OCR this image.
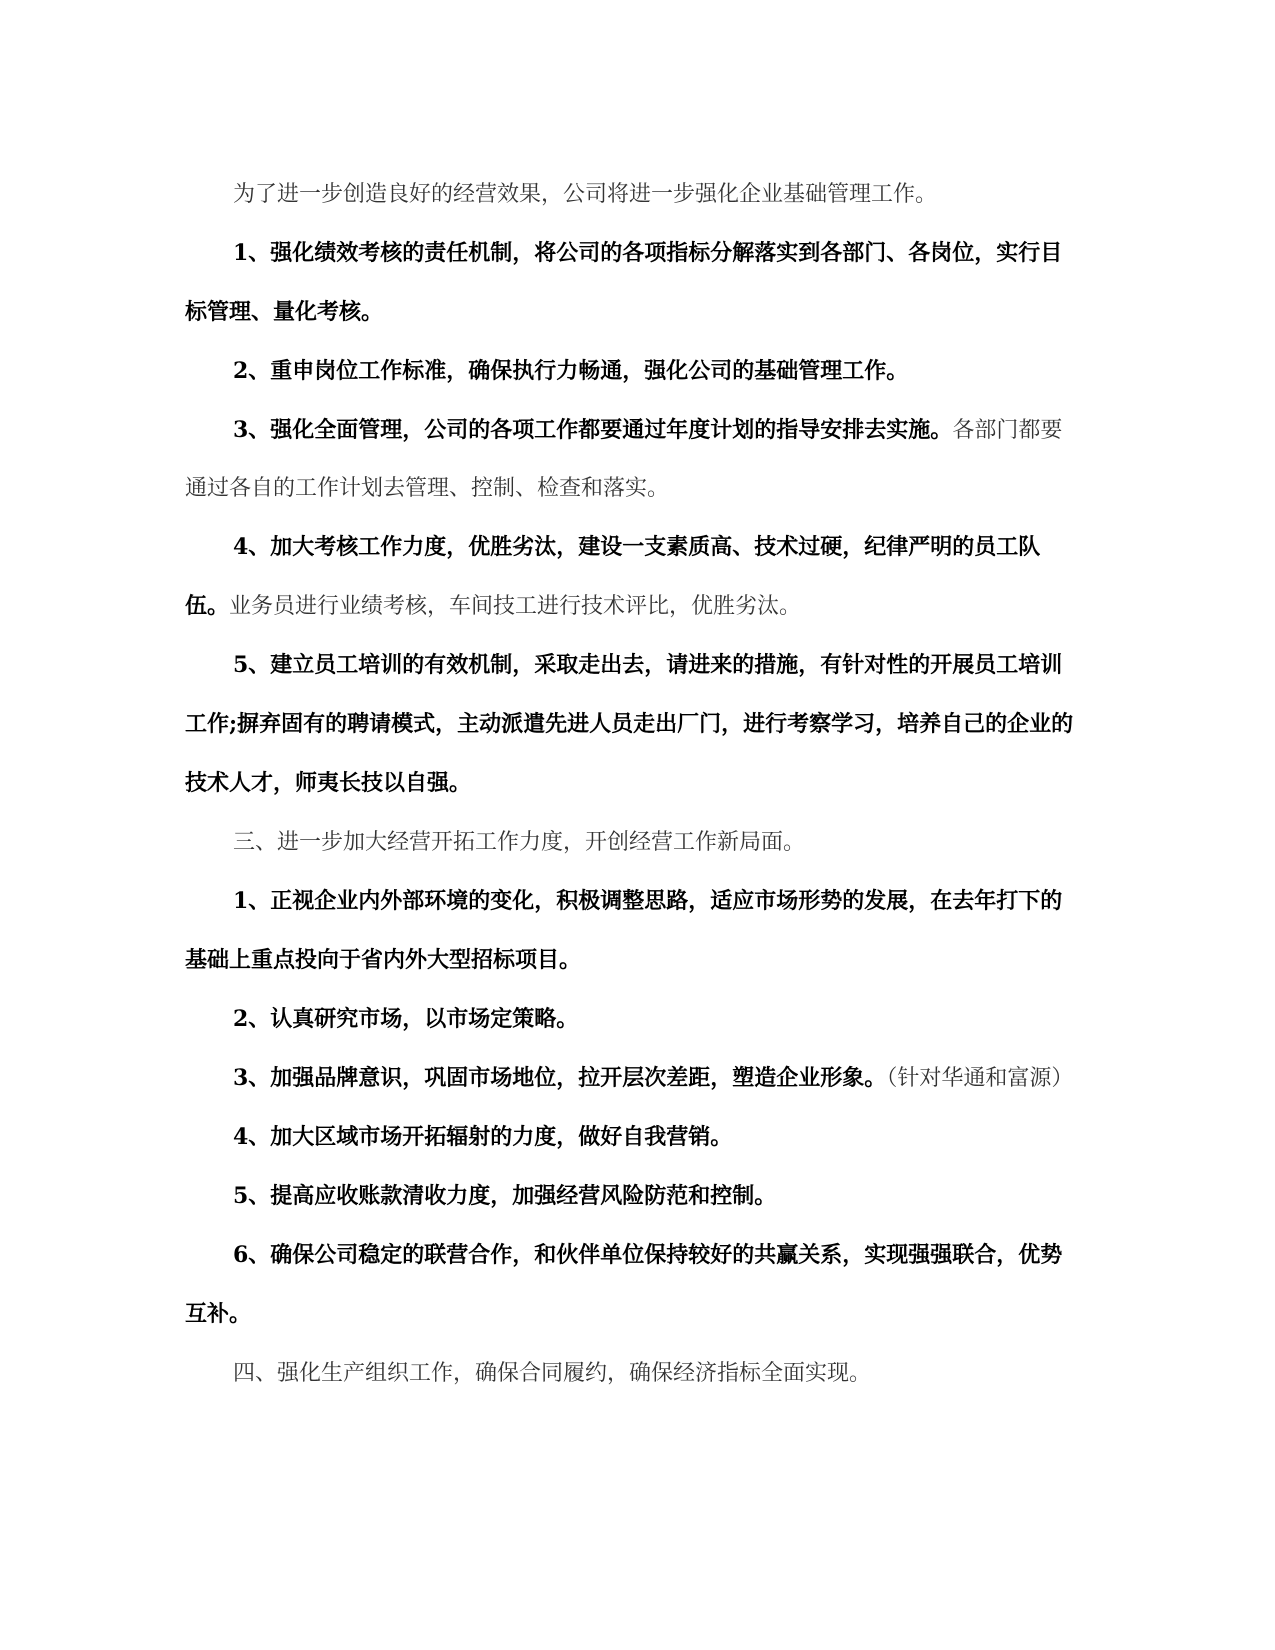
为了进一步创造良好的经营效果，公司将进一步强化企业基础管理工作。

1、强化绩效考核的责任机制，将公司的各项指标分解落实到各部门、各岗位，实行目标管理、量化考核。

2、重申岗位工作标准，确保执行力畅通，强化公司的基础管理工作。

3、强化全面管理，公司的各项工作都要通过年度计划的指导安排去实施。各部门都要通过各自的工作计划去管理、控制、检查和落实。

4、加大考核工作力度，优胜劣汰，建设一支素质高、技术过硬，纪律严明的员工队伍。业务员进行业绩考核，车间技工进行技术评比，优胜劣汰。

5、建立员工培训的有效机制，采取走出去，请进来的措施，有针对性的开展员工培训工作;摒弃固有的聘请模式，主动派遣先进人员走出厂门，进行考察学习，培养自己的企业的技术人才，师夷长技以自强。

三、进一步加大经营开拓工作力度，开创经营工作新局面。

1、正视企业内外部环境的变化，积极调整思路，适应市场形势的发展，在去年打下的基础上重点投向于省内外大型招标项目。

2、认真研究市场，以市场定策略。

3、加强品牌意识，巩固市场地位，拉开层次差距，塑造企业形象。（针对华通和富源）

4、加大区域市场开拓辐射的力度，做好自我营销。

5、提高应收账款清收力度，加强经营风险防范和控制。

6、确保公司稳定的联营合作，和伙伴单位保持较好的共赢关系，实现强强联合，优势互补。

四、强化生产组织工作，确保合同履约，确保经济指标全面实现。
